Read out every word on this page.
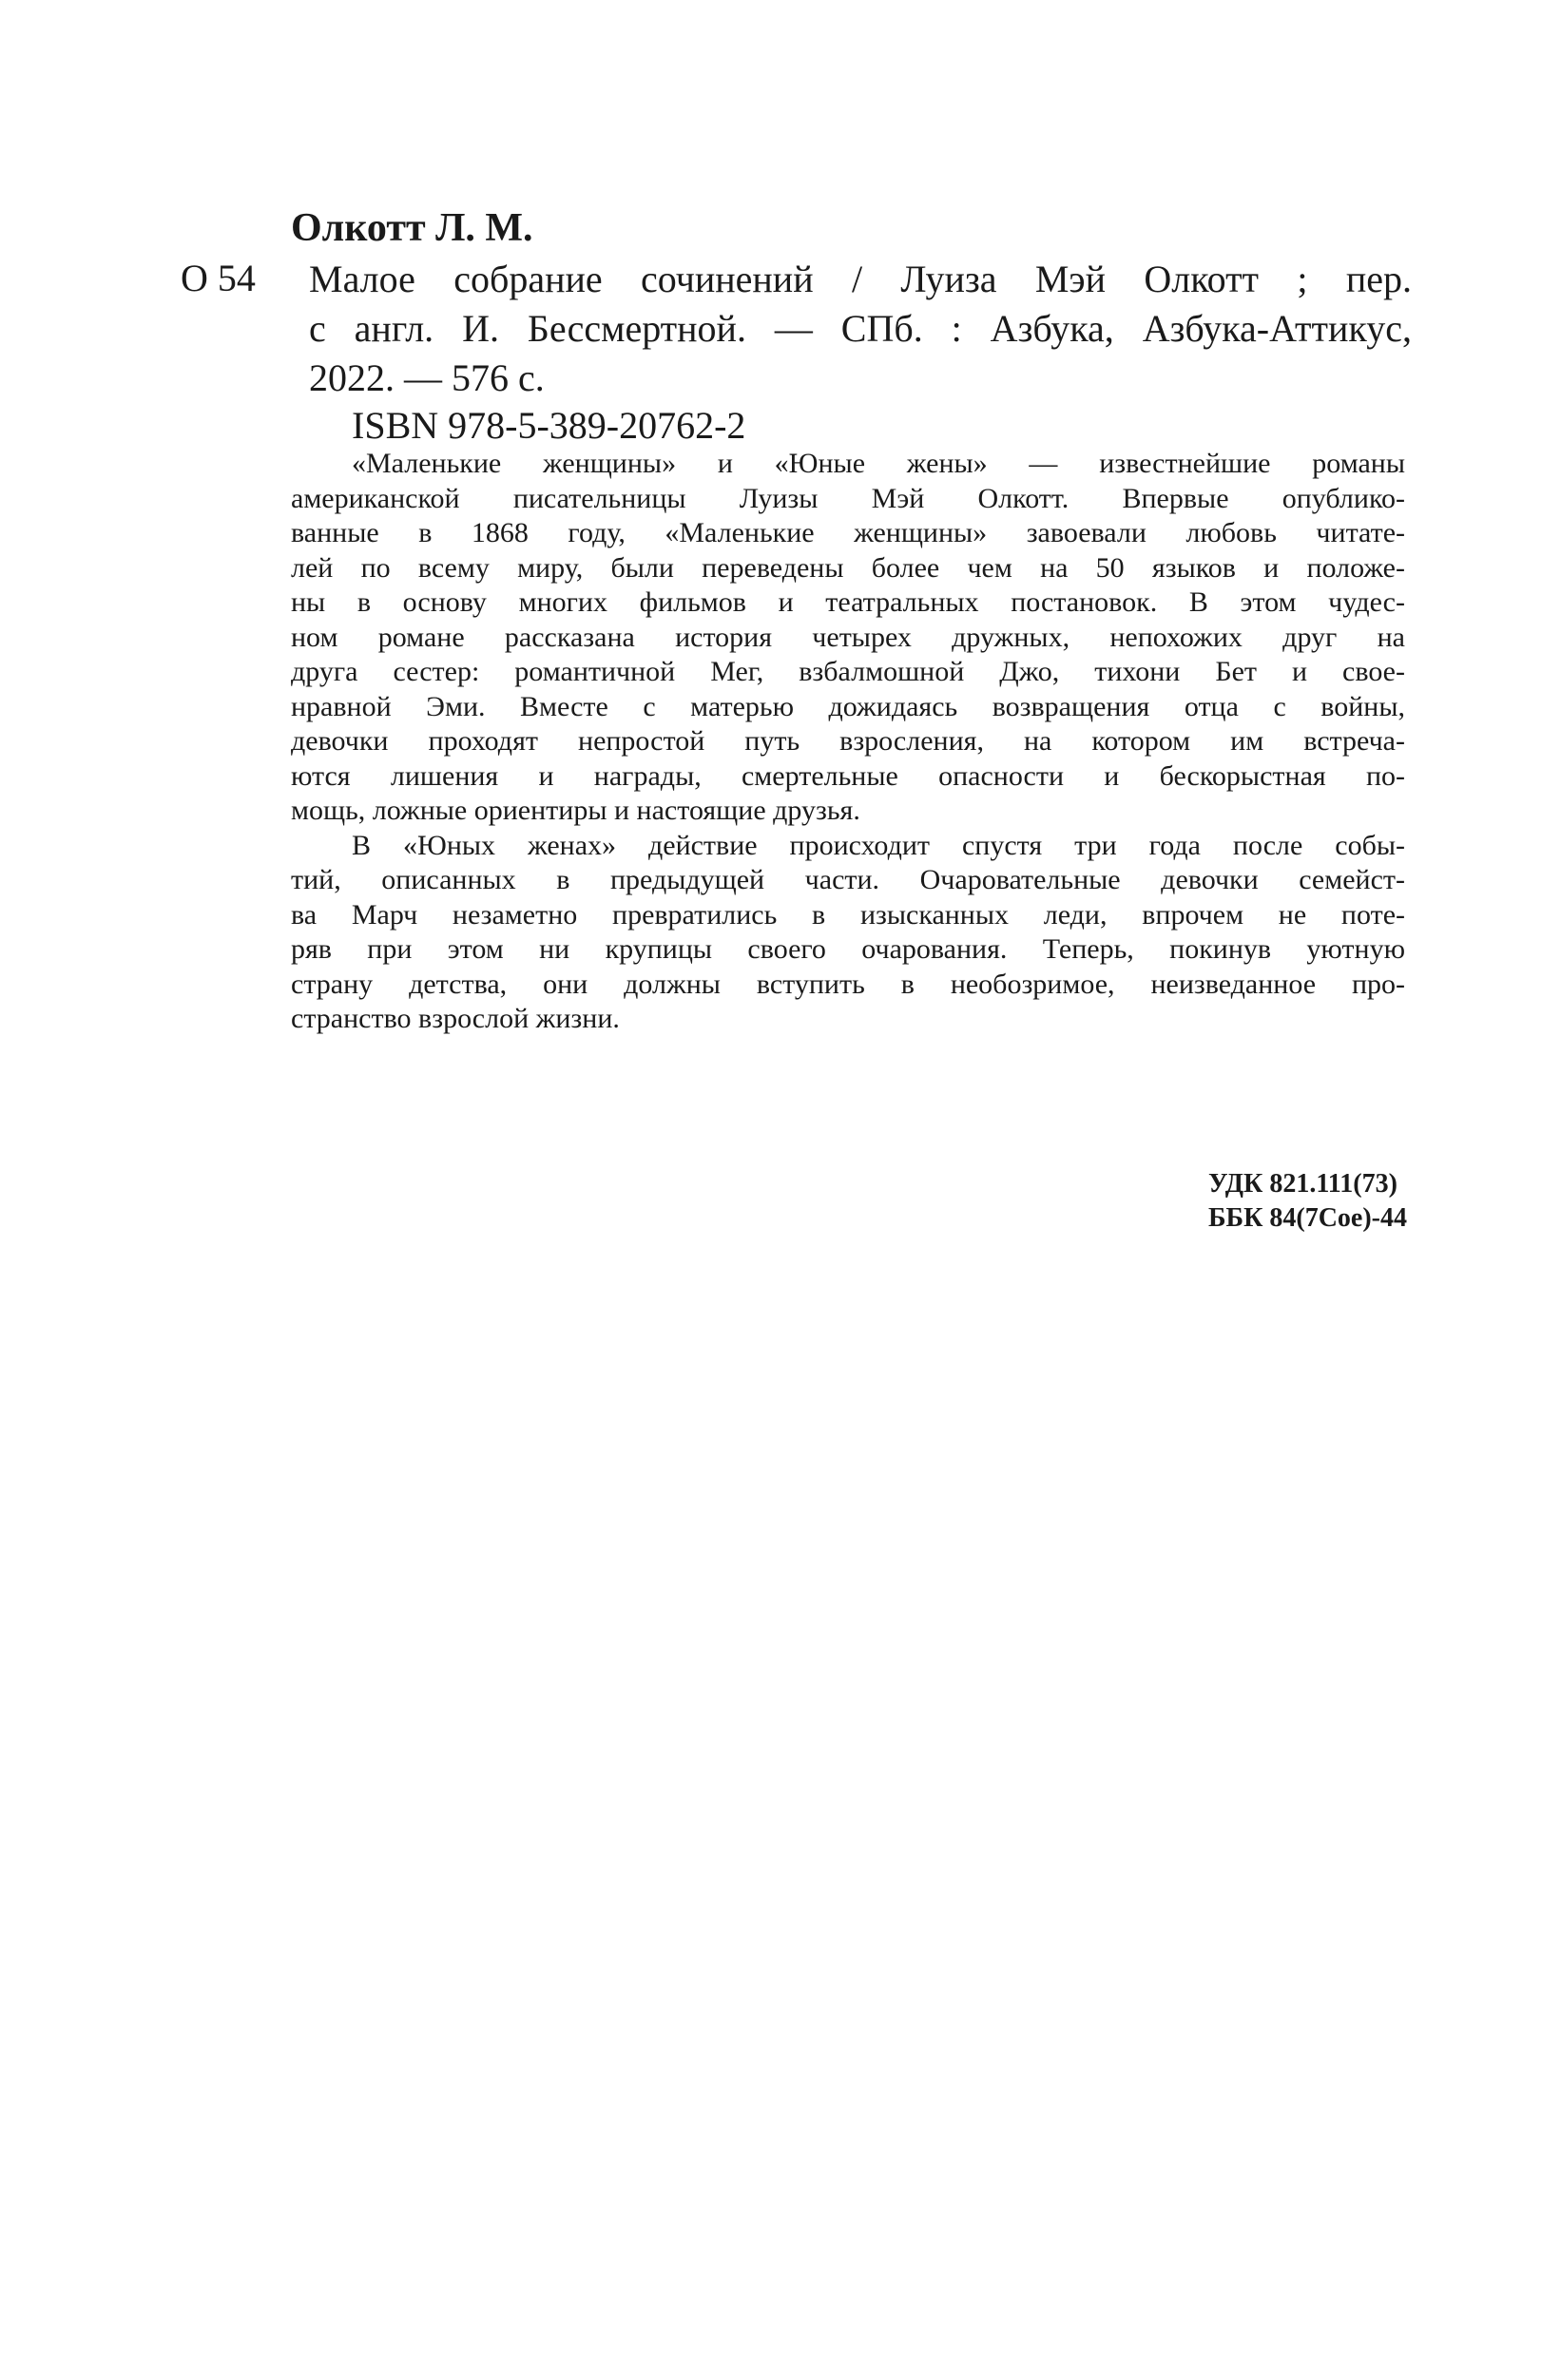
Олкотт Л. М.

О 54 Малое собрание сочинений / Луиза Мэй Олкотт ; пер.
с англ. И. Бессмертной. — СПб. : Азбука, Азбука-Аттикус,
2022. — 576 с.

ISBN 978-5-389-20762-2

«Маленькие женщины» и «Юные жены» — известнейшие романы
американской писательницы Луизы Мэй Олкотт. Впервые опублико-
ванные в 1868 году, «Маленькие женщины» завоевали любовь читате-
лей по всему миру, были переведены более чем на 50 языков и положе-
ны в основу многих фильмов и театральных постановок. В этом чудес-
ном романе рассказана история четырех дружных, непохожих друг на
друга сестер: романтичной Мег, взбалмошной Джо, тихони Бет и свое-
нравной Эми. Вместе с матерью дожидаясь возвращения отца с войны,
девочки проходят непростой путь взросления, на котором им встреча-
ются лишения и награды, смертельные опасности и бескорыстная по-
мощь, ложные ориентиры и настоящие друзья.
В «Юных женах» действие происходит спустя три года после собы-
тий, описанных в предыдущей части. Очаровательные девочки семейст-
ва Марч незаметно превратились в изысканных леди, впрочем не поте-
ряв при этом ни крупицы своего очарования. Теперь, покинув уютную
страну детства, они должны вступить в необозримое, неизведанное про-
странство взрослой жизни.
УДК 821.111(73)
ББК 84(7Сое)-44
